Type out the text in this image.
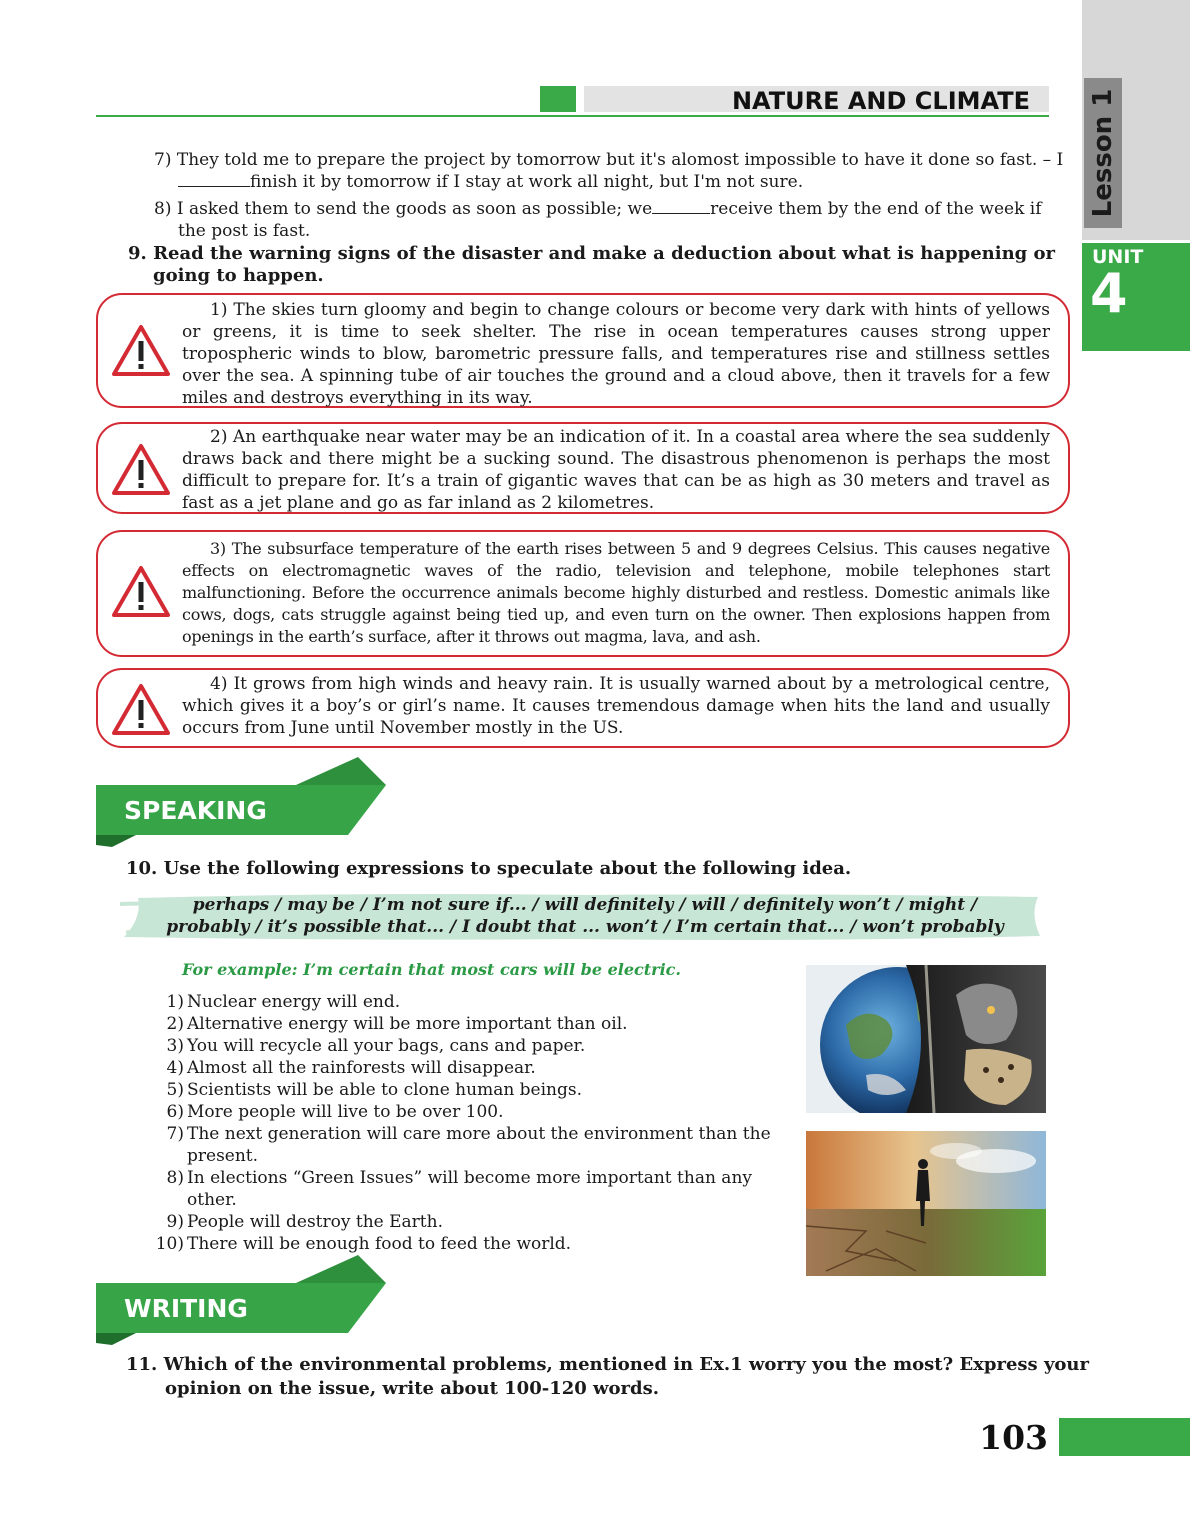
NATURE AND CLIMATE Lesson 1
UNIT
4
7) They told me to prepare the project by tomorrow but it's alomost impossible to have it done so fast. – Ifinish it by tomorrow if I stay at work all night, but I'm not sure.
8) I asked them to send the goods as soon as possible; we	receive them by the end of the week if the post is fast.
9. Read the warning signs of the disaster and make a deduction about what is happening or going to happen.
1) The skies turn gloomy and begin to change colours or become very dark with hints of yellows or greens, it is time to seek shelter. The rise in ocean temperatures causes strong upper tropospheric winds to blow, barometric pressure falls, and temperatures rise and stillness settles over the sea. A spinning tube of air touches the ground and a cloud above, then it travels for a few miles and destroys everything in its way.
2) An earthquake near water may be an indication of it. In a coastal area where the sea suddenly draws back and there might be a sucking sound. The disastrous phenomenon is perhaps the most difficult to prepare for. It’s a train of gigantic waves that can be as high as 30 meters and travel as fast as a jet plane and go as far inland as 2 kilometres.
3) The subsurface temperature of the earth rises between 5 and 9 degrees Celsius. This causes negative effects on electromagnetic waves of the radio, television and telephone, mobile telephones start malfunctioning. Before the occurrence animals become highly disturbed and restless. Domestic animals like cows, dogs, cats struggle against being tied up, and even turn on the owner. Then explosions happen from openings in the earth’s surface, after it throws out magma, lava, and ash.
4) It grows from high winds and heavy rain. It is usually warned about by a metrological centre, which gives it a boy’s or girl’s name. It causes tremendous damage when hits the land and usually occurs from June until November mostly in the US.
SPEAKING
10. Use the following expressions to speculate about the following idea.
perhaps / may be / I’m not sure if... / will definitely / will / definitely won’t / might /
probably / it’s possible that... / I doubt that ... won’t / I’m certain that... / won’t probably
For example: I’m certain that most cars will be electric.
1) Nuclear energy will end.
2) Alternative energy will be more important than oil.
3) You will recycle all your bags, cans and paper.
4) Almost all the rainforests will disappear.
5) Scientists will be able to clone human beings.
6) More people will live to be over 100.
7) The next generation will care more about the environment than the present.
8) In elections “Green Issues” will become more important than any other.
9) People will destroy the Earth.
10) There will be enough food to feed the world.
WRITING
11. Which of the environmental problems, mentioned in Ex.1 worry you the most? Express your opinion on the issue, write about 100-120 words.
103
